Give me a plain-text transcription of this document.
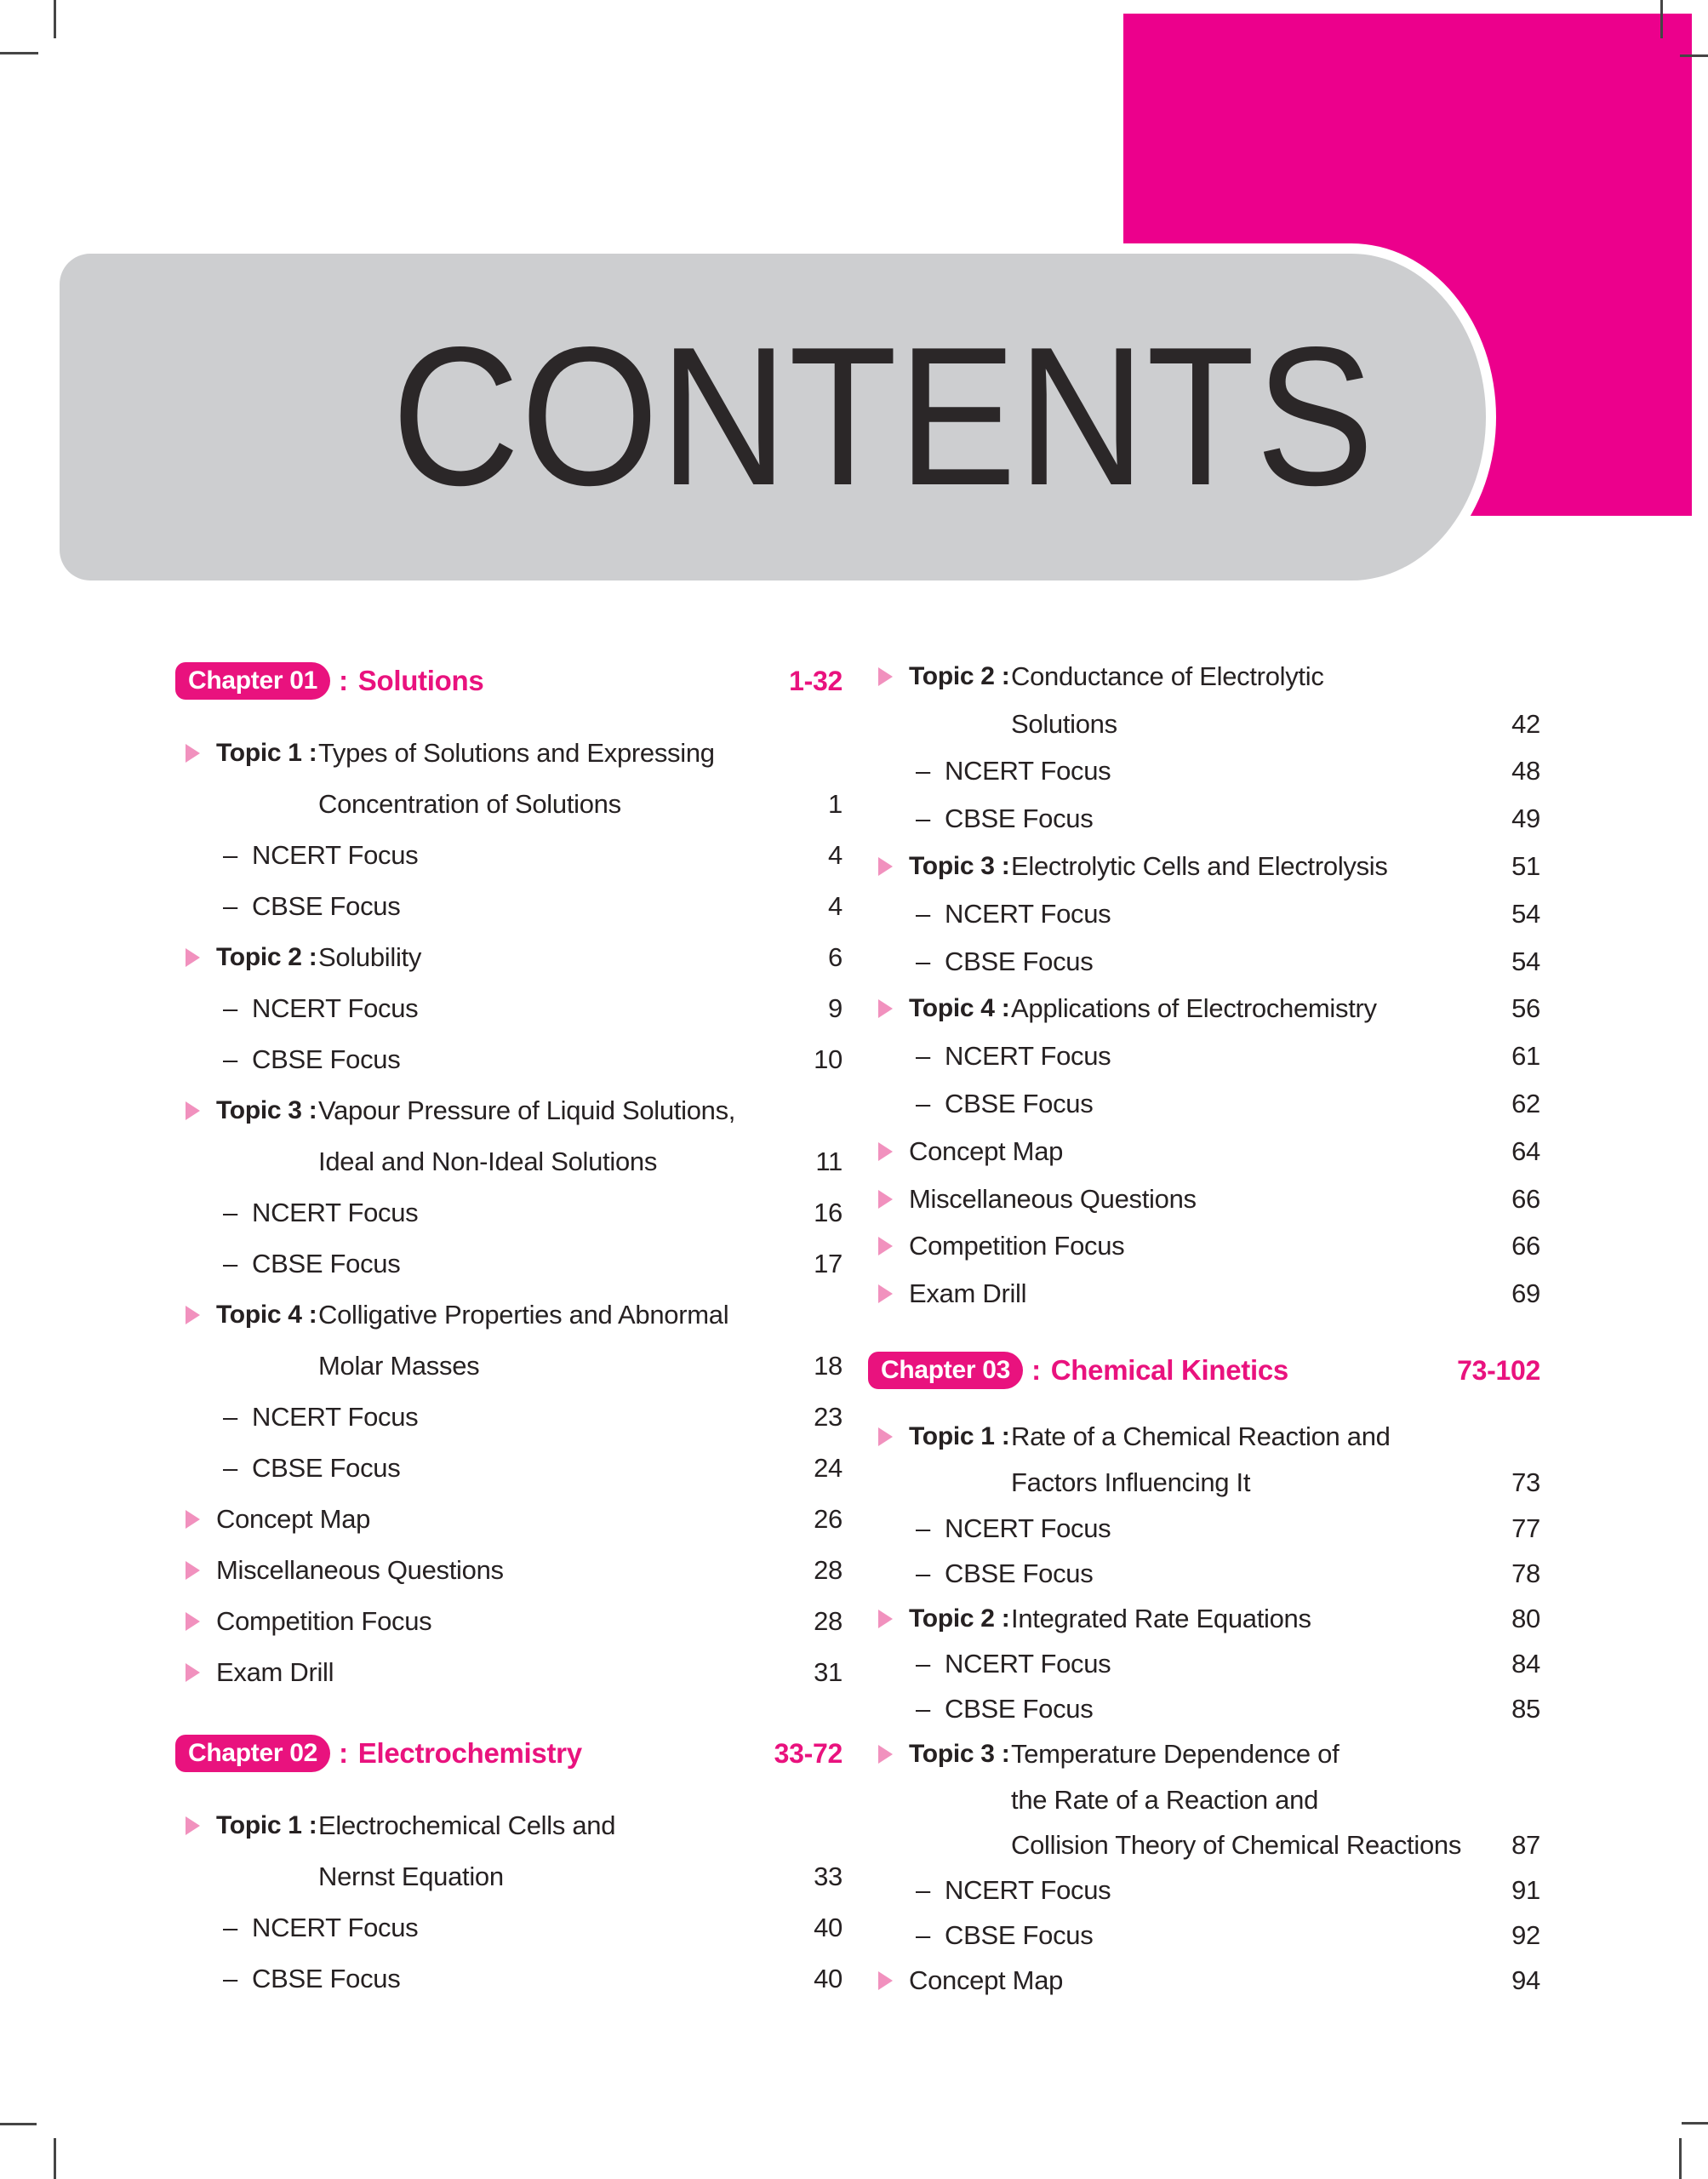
CONTENTS
Chapter 01 : Solutions	1-32
Topic 1 : Types of Solutions and Expressing
Concentration of Solutions	1
– NCERT Focus	4
– CBSE Focus	4
Topic 2 : Solubility	6
– NCERT Focus	9
– CBSE Focus	10
Topic 3 : Vapour Pressure of Liquid Solutions,
Ideal and Non-Ideal Solutions	11
– NCERT Focus	16
– CBSE Focus	17
Topic 4 : Colligative Properties and Abnormal
Molar Masses	18
– NCERT Focus	23
– CBSE Focus	24
Concept Map	26
Miscellaneous Questions	28
Competition Focus	28
Exam Drill	31
Chapter 02 : Electrochemistry	33-72
Topic 1 : Electrochemical Cells and
Nernst Equation	33
– NCERT Focus	40
– CBSE Focus	40
Topic 2 : Conductance of Electrolytic
Solutions	42
– NCERT Focus	48
– CBSE Focus	49
Topic 3 : Electrolytic Cells and Electrolysis	51
– NCERT Focus	54
– CBSE Focus	54
Topic 4 : Applications of Electrochemistry	56
– NCERT Focus	61
– CBSE Focus	62
Concept Map	64
Miscellaneous Questions	66
Competition Focus	66
Exam Drill	69
Chapter 03 : Chemical Kinetics	73-102
Topic 1 : Rate of a Chemical Reaction and
Factors Influencing It	73
– NCERT Focus	77
– CBSE Focus	78
Topic 2 : Integrated Rate Equations	80
– NCERT Focus	84
– CBSE Focus	85
Topic 3 : Temperature Dependence of
the Rate of a Reaction and
Collision Theory of Chemical Reactions 87
– NCERT Focus	91
– CBSE Focus	92
Concept Map	94
